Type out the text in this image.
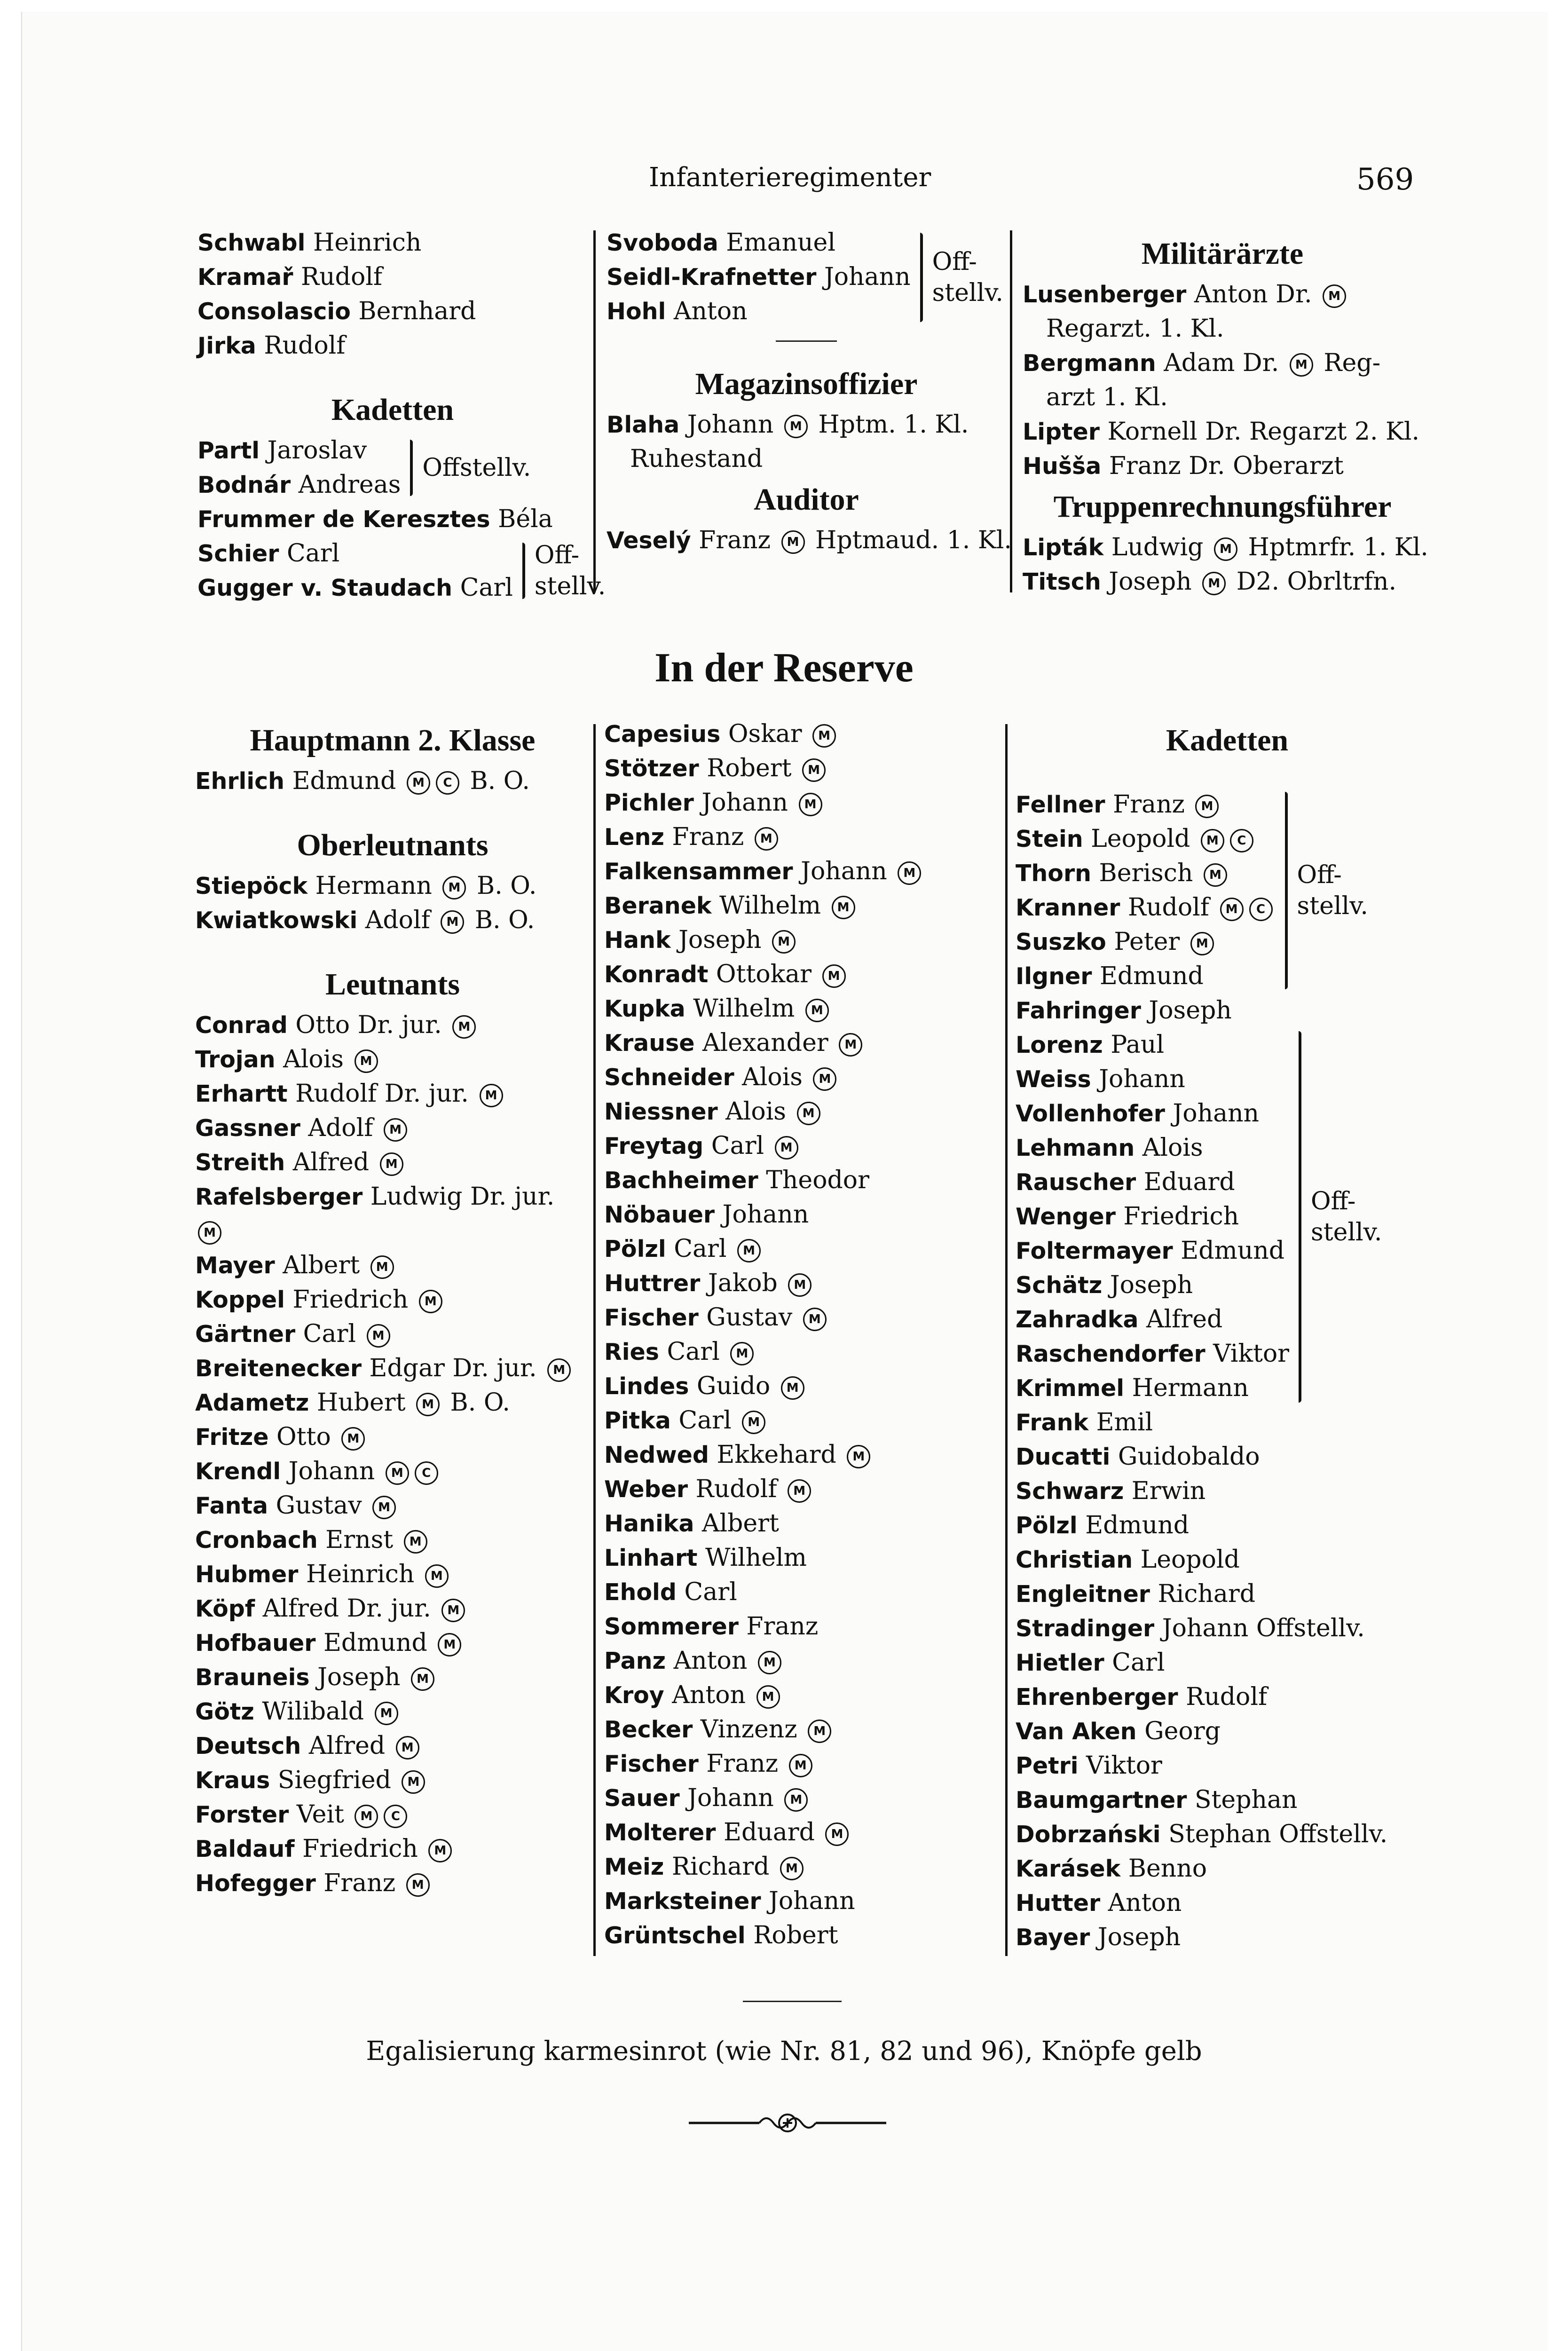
Infanterieregimenter	569
Schwabl Heinrich
Kramař Rudolf
Consolascio Bernhard
Jirka Rudolf
Kadetten
Partl Jaroslav
Bodnár Andreas
Offstellv.
Frummer de Keresztes Béla
Schier Carl
Gugger v. Staudach Carl
Off-
stellv.
Svoboda Emanuel
Seidl-Krafnetter Johann
Hohl Anton
Off-
stellv.
Magazinsoffizier
Blaha Johann M Hptm. 1. Kl.
Ruhestand
Auditor
Veselý Franz M Hptmaud. 1. Kl.
Militärärzte
Lusenberger Anton Dr. M
Regarzt. 1. Kl.
Bergmann Adam Dr. M Reg-
arzt 1. Kl.
Lipter Kornell Dr. Regarzt 2. Kl.
Hušša Franz Dr. Oberarzt
Truppenrechnungsführer
Lipták Ludwig M Hptmrfr. 1. Kl.
Titsch Joseph M D2. Obrltrfn.
In der Reserve
Hauptmann 2. Klasse
Ehrlich Edmund M C B. O.
Oberleutnants
Stiepöck Hermann M B. O.
Kwiatkowski Adolf M B. O.
Leutnants
Conrad Otto Dr. jur. M
Trojan Alois M
Erhartt Rudolf Dr. jur. M
Gassner Adolf M
Streith Alfred M
Rafelsberger Ludwig Dr. jur.
M
Mayer Albert M
Koppel Friedrich M
Gärtner Carl M
Breitenecker Edgar Dr. jur. M
Adametz Hubert M B. O.
Fritze Otto M
Krendl Johann M C
Fanta Gustav M
Cronbach Ernst M
Hubmer Heinrich M
Köpf Alfred Dr. jur. M
Hofbauer Edmund M
Brauneis Joseph M
Götz Wilibald M
Deutsch Alfred M
Kraus Siegfried M
Forster Veit M C
Baldauf Friedrich M
Hofegger Franz M
Capesius Oskar M
Stötzer Robert M
Pichler Johann M
Lenz Franz M
Falkensammer Johann M
Beranek Wilhelm M
Hank Joseph M
Konradt Ottokar M
Kupka Wilhelm M
Krause Alexander M
Schneider Alois M
Niessner Alois M
Freytag Carl M
Bachheimer Theodor
Nöbauer Johann
Pölzl Carl M
Huttrer Jakob M
Fischer Gustav M
Ries Carl M
Lindes Guido M
Pitka Carl M
Nedwed Ekkehard M
Weber Rudolf M
Hanika Albert
Linhart Wilhelm
Ehold Carl
Sommerer Franz
Panz Anton M
Kroy Anton M
Becker Vinzenz M
Fischer Franz M
Sauer Johann M
Molterer Eduard M
Meiz Richard M
Marksteiner Johann
Grüntschel Robert
Kadetten
Fellner Franz M
Stein Leopold M C
Thorn Berisch M
Kranner Rudolf M C
Suszko Peter M
Ilgner Edmund
Off-
stellv.
Fahringer Joseph
Lorenz Paul
Weiss Johann
Vollenhofer Johann
Lehmann Alois
Rauscher Eduard
Wenger Friedrich
Foltermayer Edmund
Schätz Joseph
Zahradka Alfred
Raschendorfer Viktor
Krimmel Hermann
Off-
stellv.
Frank Emil
Ducatti Guidobaldo
Schwarz Erwin
Pölzl Edmund
Christian Leopold
Engleitner Richard
Stradinger Johann Offstellv.
Hietler Carl
Ehrenberger Rudolf
Van Aken Georg
Petri Viktor
Baumgartner Stephan
Dobrzański Stephan Offstellv.
Karásek Benno
Hutter Anton
Bayer Joseph
Egalisierung karmesinrot (wie Nr. 81, 82 und 96), Knöpfe gelb
